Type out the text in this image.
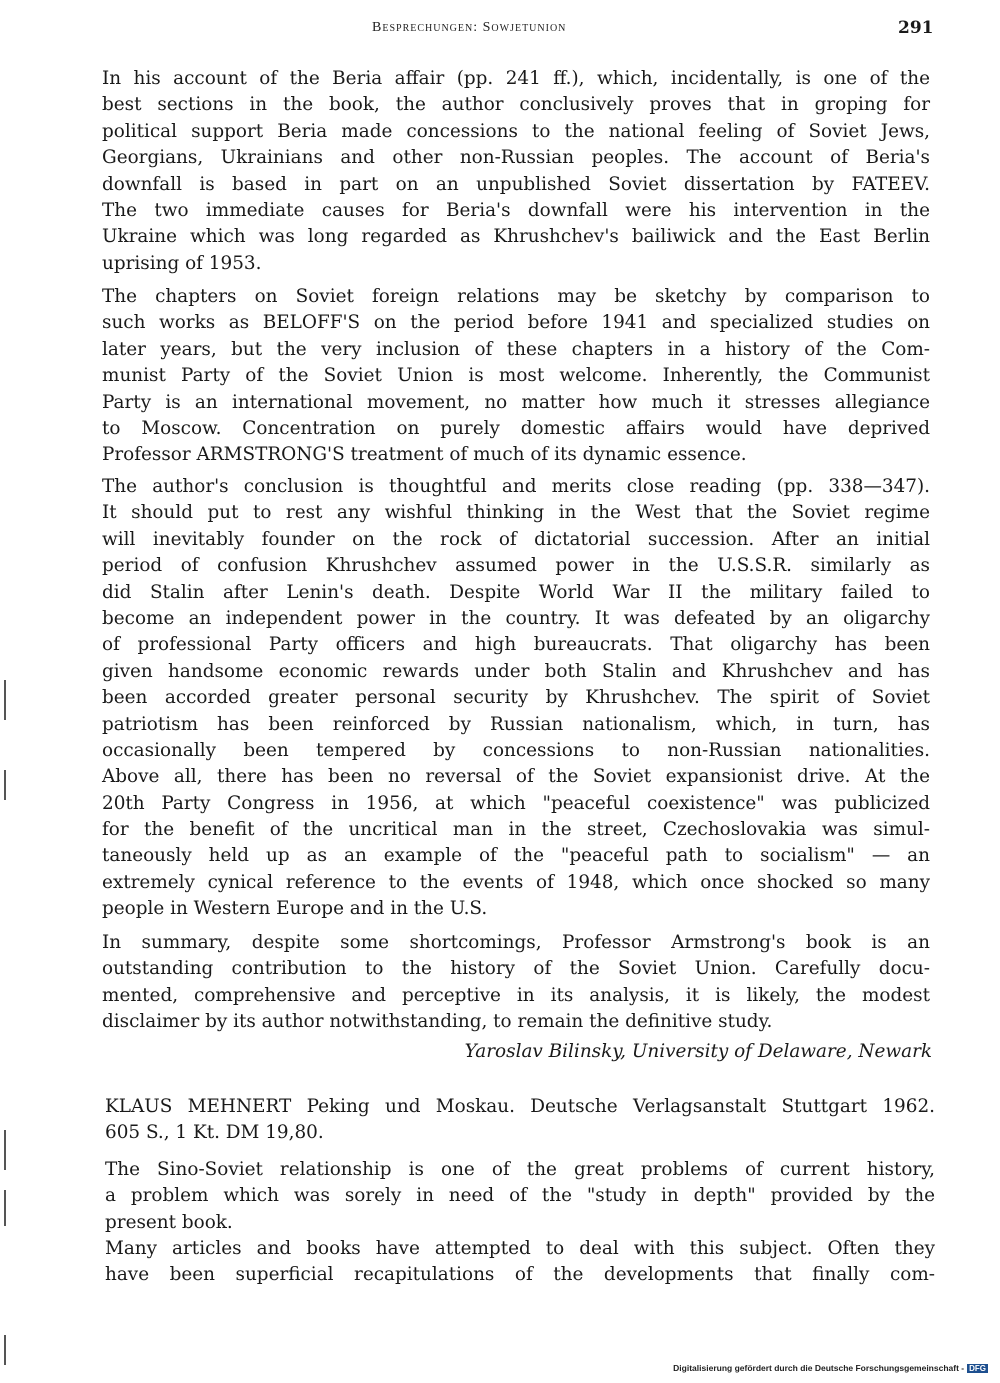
Besprechungen: Sowjetunion	291
In his account of the Beria affair (pp. 241 ff.), which, incidentally, is one of the
best sections in the book, the author conclusively proves that in groping for
political support Beria made concessions to the national feeling of Soviet Jews,
Georgians, Ukrainians and other non-Russian peoples. The account of Beria's
downfall is based in part on an unpublished Soviet dissertation by FATEEV.
The two immediate causes for Beria's downfall were his intervention in the
Ukraine which was long regarded as Khrushchev's bailiwick and the East Berlin
uprising of 1953.
The chapters on Soviet foreign relations may be sketchy by comparison to
such works as BELOFF'S on the period before 1941 and specialized studies on
later years, but the very inclusion of these chapters in a history of the Com-
munist Party of the Soviet Union is most welcome. Inherently, the Communist
Party is an international movement, no matter how much it stresses allegiance
to Moscow. Concentration on purely domestic affairs would have deprived
Professor ARMSTRONG'S treatment of much of its dynamic essence.
The author's conclusion is thoughtful and merits close reading (pp. 338—347).
It should put to rest any wishful thinking in the West that the Soviet regime
will inevitably founder on the rock of dictatorial succession. After an initial
period of confusion Khrushchev assumed power in the U.S.S.R. similarly as
did Stalin after Lenin's death. Despite World War II the military failed to
become an independent power in the country. It was defeated by an oligarchy
of professional Party officers and high bureaucrats. That oligarchy has been
given handsome economic rewards under both Stalin and Khrushchev and has
been accorded greater personal security by Khrushchev. The spirit of Soviet
patriotism has been reinforced by Russian nationalism, which, in turn, has
occasionally been tempered by concessions to non-Russian nationalities.
Above all, there has been no reversal of the Soviet expansionist drive. At the
20th Party Congress in 1956, at which "peaceful coexistence" was publicized
for the benefit of the uncritical man in the street, Czechoslovakia was simul-
taneously held up as an example of the "peaceful path to socialism" — an
extremely cynical reference to the events of 1948, which once shocked so many
people in Western Europe and in the U.S.
In summary, despite some shortcomings, Professor Armstrong's book is an
outstanding contribution to the history of the Soviet Union. Carefully docu-
mented, comprehensive and perceptive in its analysis, it is likely, the modest
disclaimer by its author notwithstanding, to remain the definitive study.
Yaroslav Bilinsky, University of Delaware, Newark
KLAUS MEHNERT Peking und Moskau. Deutsche Verlagsanstalt Stuttgart 1962.
605 S., 1 Kt. DM 19,80.
The Sino-Soviet relationship is one of the great problems of current history,
a problem which was sorely in need of the "study in depth" provided by the
present book.
Many articles and books have attempted to deal with this subject. Often they
have been superficial recapitulations of the developments that finally com-
Digitalisierung gefördert durch die Deutsche Forschungsgemeinschaft - DFG
